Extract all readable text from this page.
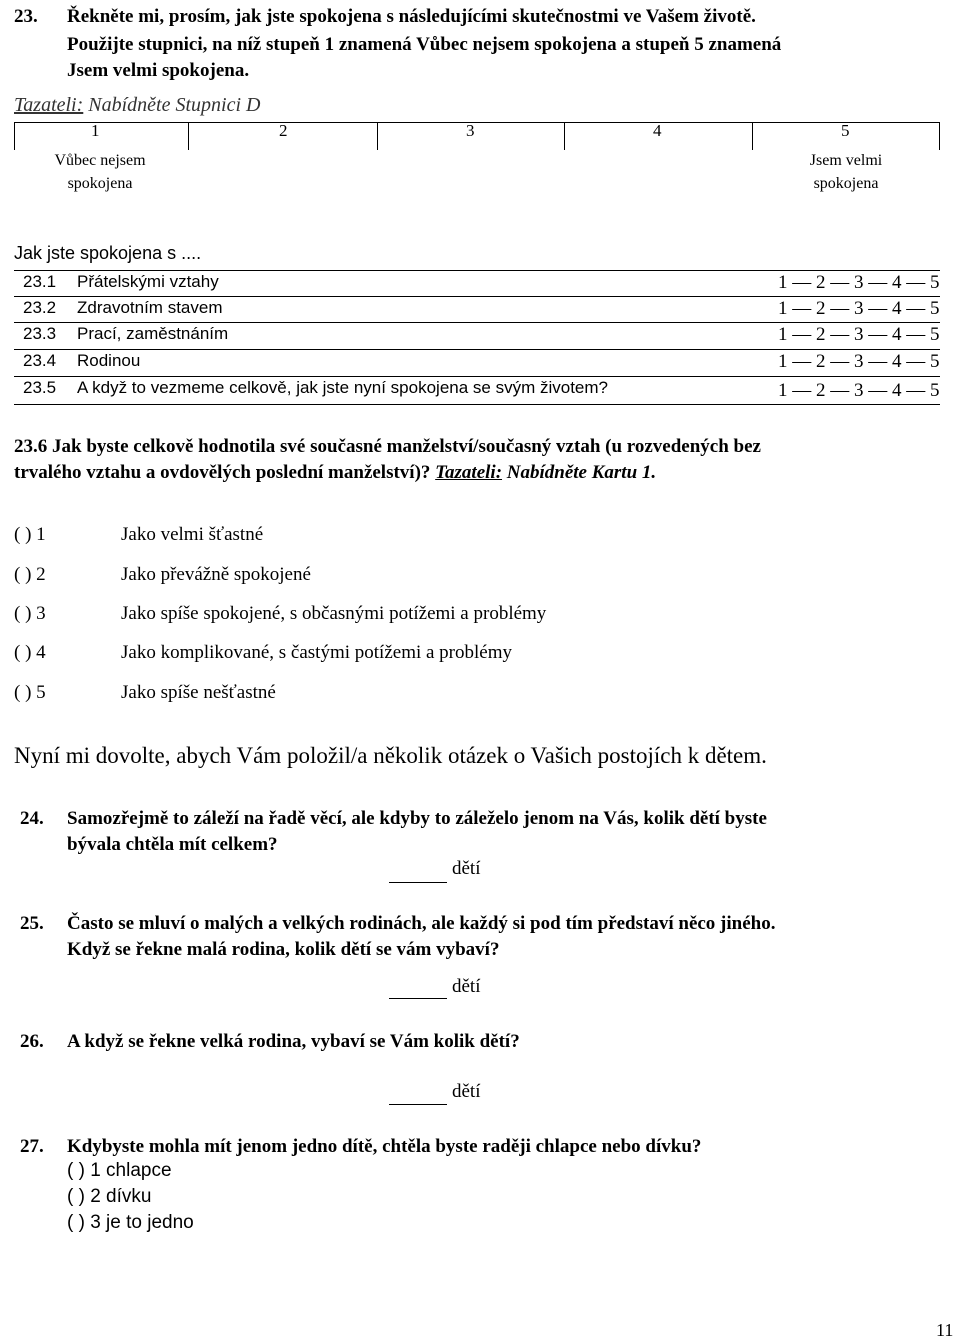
23. Řekněte mi, prosím, jak jste spokojena s následujícími skutečnostmi ve Vašem životě.
Použijte stupnici, na níž stupeň 1 znamená Vůbec nejsem spokojena a stupeň 5 znamená
Jsem velmi spokojena.
Tazateli: Nabídněte Stupnici D
1	2	3	4	5
Vůbec nejsem
spokojena
Jsem velmi
spokojena
Jak jste spokojena s ....
23.1 Přátelskými vztahy	1 — 2 — 3 — 4 — 5
23.2 Zdravotním stavem	1 — 2 — 3 — 4 — 5
23.3 Prací, zaměstnáním	1 — 2 — 3 — 4 — 5
23.4 Rodinou	1 — 2 — 3 — 4 — 5
23.5 A když to vezmeme celkově, jak jste nyní spokojena se svým životem?	1 — 2 — 3 — 4 — 5
23.6 Jak byste celkově hodnotila své současné manželství/současný vztah (u rozvedených bez
trvalého vztahu a ovdovělých poslední manželství)? Tazateli: Nabídněte Kartu 1.
( ) 1	Jako velmi šťastné
( ) 2	Jako převážně spokojené
( ) 3	Jako spíše spokojené, s občasnými potížemi a problémy
( ) 4	Jako komplikované, s častými potížemi a problémy
( ) 5	Jako spíše nešťastné
Nyní mi dovolte, abych Vám položil/a několik otázek o Vašich postojích k dětem.
24. Samozřejmě to záleží na řadě věcí, ale kdyby to záleželo jenom na Vás, kolik dětí byste
bývala chtěla mít celkem?
dětí
25. Často se mluví o malých a velkých rodinách, ale každý si pod tím představí něco jiného.
Když se řekne malá rodina, kolik dětí se vám vybaví?
dětí
26. A když se řekne velká rodina, vybaví se Vám kolik dětí?
dětí
27. Kdybyste mohla mít jenom jedno dítě, chtěla byste raději chlapce nebo dívku?
( ) 1 chlapce
( ) 2 dívku
( ) 3 je to jedno
11
